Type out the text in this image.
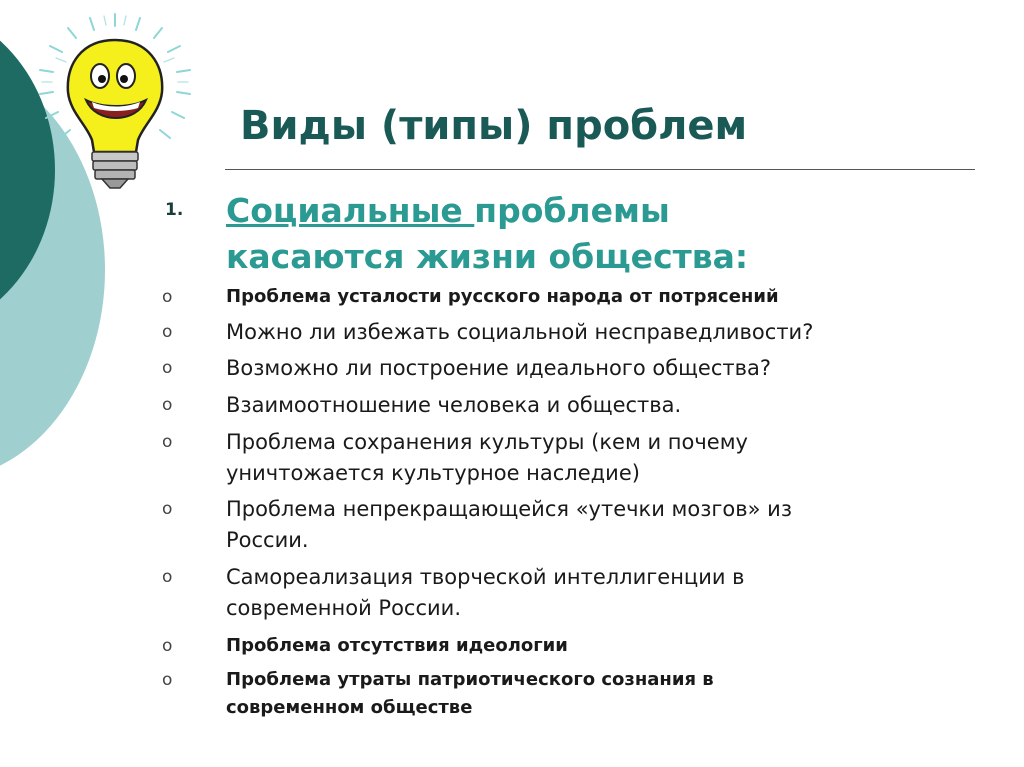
Виды (типы) проблем
1. Социальные проблемы
касаются жизни общества:
o	Проблема усталости русского народа от потрясений
o	Можно ли избежать социальной несправедливости?
o	Возможно ли построение идеального общества?
o	Взаимоотношение человека и общества.
o	Проблема сохранения культуры (кем и почему
уничтожается культурное наследие)
o	Проблема непрекращающейся «утечки мозгов» из
России.
o	Самореализация творческой интеллигенции в
современной России.
o	Проблема отсутствия идеологии
o	Проблема утраты патриотического сознания в
современном обществе
